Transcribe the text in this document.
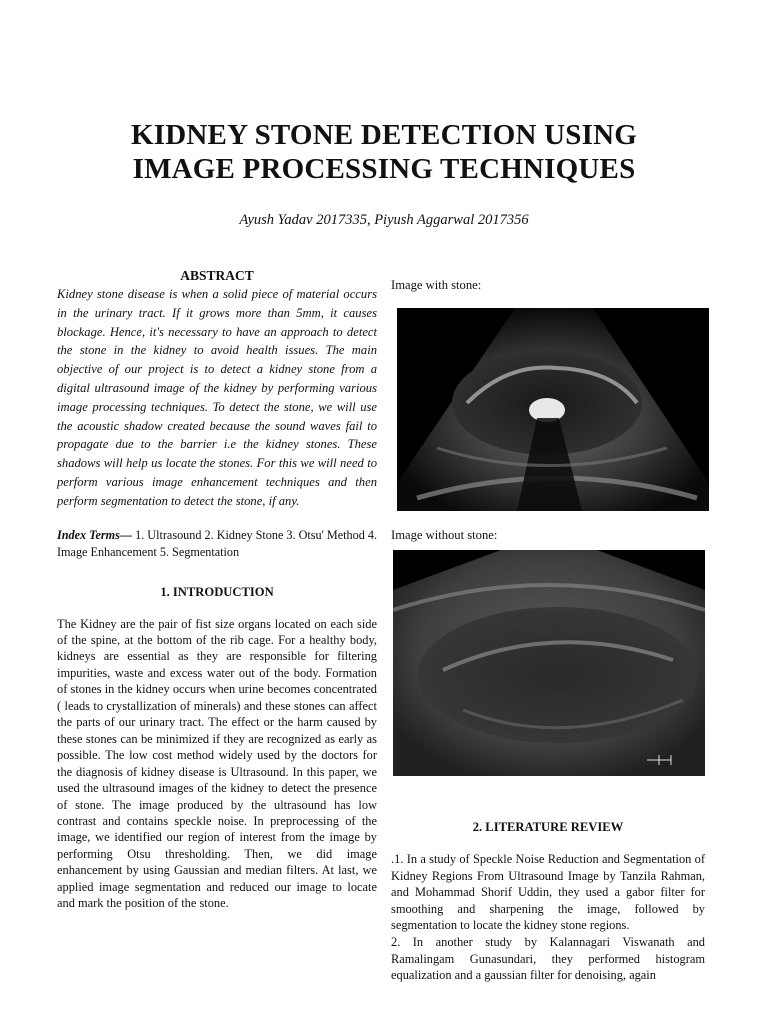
KIDNEY STONE DETECTION USING
IMAGE PROCESSING TECHNIQUES
Ayush Yadav 2017335, Piyush Aggarwal 2017356
ABSTRACT

Kidney stone disease is when a solid piece of material occurs in the urinary tract. If it grows more than 5mm, it causes blockage. Hence, it's necessary to have an approach to detect the stone in the kidney to avoid health issues. The main objective of our project is to detect a kidney stone from a digital ultrasound image of the kidney by performing various image processing techniques. To detect the stone, we will use the acoustic shadow created because the sound waves fail to propagate due to the barrier i.e the kidney stones. These shadows will help us locate the stones. For this we will need to perform various image enhancement techniques and then perform segmentation to detect the stone, if any.

Index Terms— 1. Ultrasound 2. Kidney Stone 3. Otsu' Method 4. Image Enhancement 5. Segmentation
1. INTRODUCTION

The Kidney are the pair of fist size organs located on each side of the spine, at the bottom of the rib cage. For a healthy body, kidneys are essential as they are responsible for filtering impurities, waste and excess water out of the body. Formation of stones in the kidney occurs when urine becomes concentrated ( leads to crystallization of minerals) and these stones can affect the parts of our urinary tract. The effect or the harm caused by these stones can be minimized if they are recognized as early as possible. The low cost method widely used by the doctors for the diagnosis of kidney disease is Ultrasound. In this paper, we used the ultrasound images of the kidney to detect the presence of stone. The image produced by the ultrasound has low contrast and contains speckle noise. In preprocessing of the image, we identified our region of interest from the image by performing Otsu thresholding. Then, we did image enhancement by using Gaussian and median filters. At last, we applied image segmentation and reduced our image to locate and mark the position of the stone.

Image with stone:

Image without stone:

2. LITERATURE REVIEW

.1. In a study of Speckle Noise Reduction and Segmentation of Kidney Regions From Ultrasound Image by Tanzila Rahman, and Mohammad Shorif Uddin, they used a gabor filter for smoothing and sharpening the image, followed by segmentation to locate the kidney stone regions.

2. In another study by Kalannagari Viswanath and Ramalingam Gunasundari, they performed histogram equalization and a gaussian filter for denoising, again
